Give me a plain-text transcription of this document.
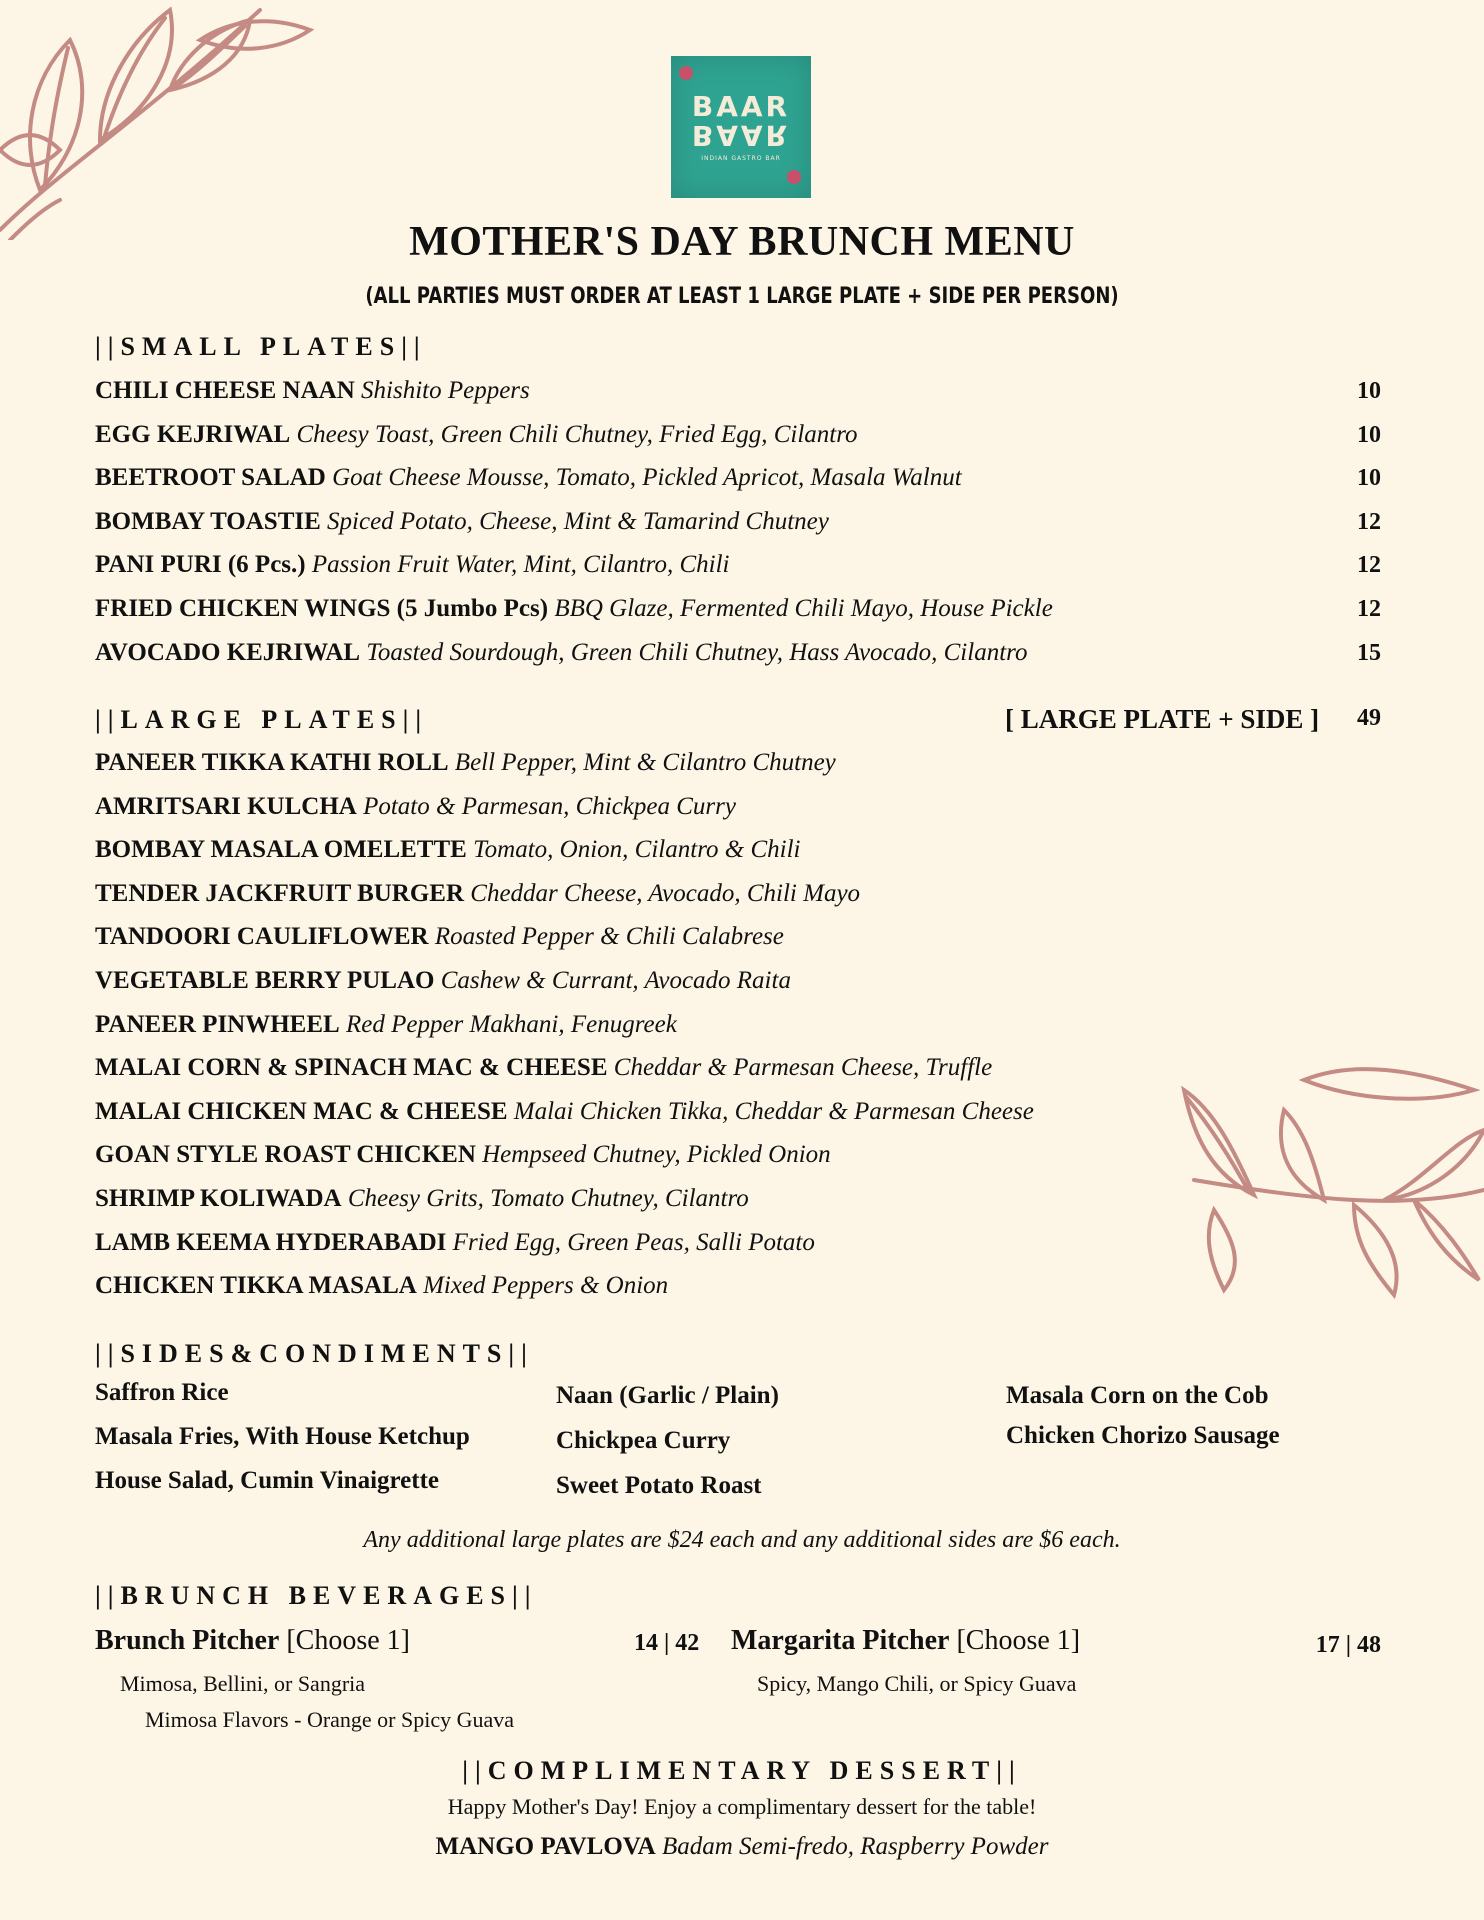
BAAR
BAAR
INDIAN GASTRO BAR
MOTHER'S DAY BRUNCH MENU
(ALL PARTIES MUST ORDER AT LEAST 1 LARGE PLATE + SIDE PER PERSON)
||SMALL PLATES||
CHILI CHEESE NAAN Shishito Peppers	10
EGG KEJRIWAL Cheesy Toast, Green Chili Chutney, Fried Egg, Cilantro	10
BEETROOT SALAD Goat Cheese Mousse, Tomato, Pickled Apricot, Masala Walnut	10
BOMBAY TOASTIE Spiced Potato, Cheese, Mint & Tamarind Chutney	12
PANI PURI (6 Pcs.) Passion Fruit Water, Mint, Cilantro, Chili	12
FRIED CHICKEN WINGS (5 Jumbo Pcs) BBQ Glaze, Fermented Chili Mayo, House Pickle	12
AVOCADO KEJRIWAL Toasted Sourdough, Green Chili Chutney, Hass Avocado, Cilantro	15
||LARGE PLATES||	[ LARGE PLATE + SIDE ] 49
PANEER TIKKA KATHI ROLL Bell Pepper, Mint & Cilantro Chutney
AMRITSARI KULCHA Potato & Parmesan, Chickpea Curry
BOMBAY MASALA OMELETTE Tomato, Onion, Cilantro & Chili
TENDER JACKFRUIT BURGER Cheddar Cheese, Avocado, Chili Mayo
TANDOORI CAULIFLOWER Roasted Pepper & Chili Calabrese
VEGETABLE BERRY PULAO Cashew & Currant, Avocado Raita
PANEER PINWHEEL Red Pepper Makhani, Fenugreek
MALAI CORN & SPINACH MAC & CHEESE Cheddar & Parmesan Cheese, Truffle
MALAI CHICKEN MAC & CHEESE Malai Chicken Tikka, Cheddar & Parmesan Cheese
GOAN STYLE ROAST CHICKEN Hempseed Chutney, Pickled Onion
SHRIMP KOLIWADA Cheesy Grits, Tomato Chutney, Cilantro
LAMB KEEMA HYDERABADI Fried Egg, Green Peas, Salli Potato
CHICKEN TIKKA MASALA Mixed Peppers & Onion
||SIDES&CONDIMENTS||
Saffron Rice
Masala Fries, With House Ketchup
House Salad, Cumin Vinaigrette
Naan (Garlic / Plain)
Chickpea Curry
Sweet Potato Roast
Masala Corn on the Cob
Chicken Chorizo Sausage
Any additional large plates are $24 each and any additional sides are $6 each.
||BRUNCH BEVERAGES||
Brunch Pitcher [Choose 1]	14 | 42
Mimosa, Bellini, or Sangria
Mimosa Flavors - Orange or Spicy Guava
Margarita Pitcher [Choose 1]	17 | 48
Spicy, Mango Chili, or Spicy Guava
||COMPLIMENTARY DESSERT||
Happy Mother's Day! Enjoy a complimentary dessert for the table!
MANGO PAVLOVA Badam Semi-fredo, Raspberry Powder
